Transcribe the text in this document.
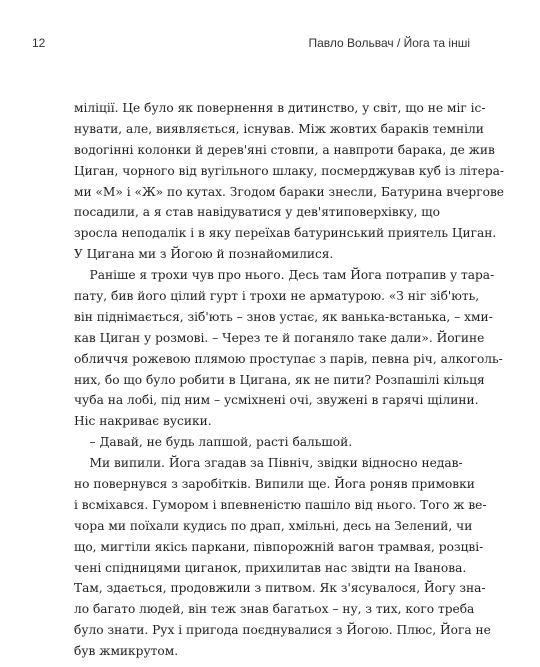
12	Павло Вольвач / Йога та інші
міліції. Це було як повернення в дитинство, у світ, що не міг іс-
нувати, але, виявляється, існував. Між жовтих бараків темніли
водогінні колонки й дерев'яні стовпи, а навпроти барака, де жив
Циган, чорного від вугільного шлаку, посмерджував куб із літера-
ми «М» і «Ж» по кутах. Згодом бараки знесли, Батурина вчергове
посадили, а я став навідуватися у дев'ятиповерхівку, що
зросла неподалік і в яку переїхав батуринський приятель Циган.
У Цигана ми з Йогою й познайомилися.
Раніше я трохи чув про нього. Десь там Йога потрапив у тара-
пату, бив його цілий гурт і трохи не арматурою. «З ніг зіб'ють,
він піднімається, зіб'ють – знов устає, як ванька-встанька, – хми-
кав Циган у розмові. – Через те й поганяло таке дали». Йогине
обличчя рожевою плямою проступає з парів, певна річ, алкоголь-
них, бо що було робити в Цигана, як не пити? Розпашілі кільця
чуба на лобі, під ним – усміхнені очі, звужені в гарячі щілини.
Ніс накриває вусики.
– Давай, не будь лапшой, расті бальшой.
Ми випили. Йога згадав за Північ, звідки відносно недав-
но повернувся з заробітків. Випили ще. Йога роняв примовки
і всміхався. Гумором і впевненістю пашіло від нього. Того ж ве-
чора ми поїхали кудись по драп, хмільні, десь на Зелений, чи
що, мигтіли якісь паркани, півпорожній вагон трамвая, розцві-
чені спідницями циганок, прихилитав нас звідти на Іванова.
Там, здається, продовжили з питвом. Як з'ясувалося, Йогу зна-
ло багато людей, він теж знав багатьох – ну, з тих, кого треба
було знати. Рух і пригода поєднувалися з Йогою. Плюс, Йога не
був жмикрутом.
